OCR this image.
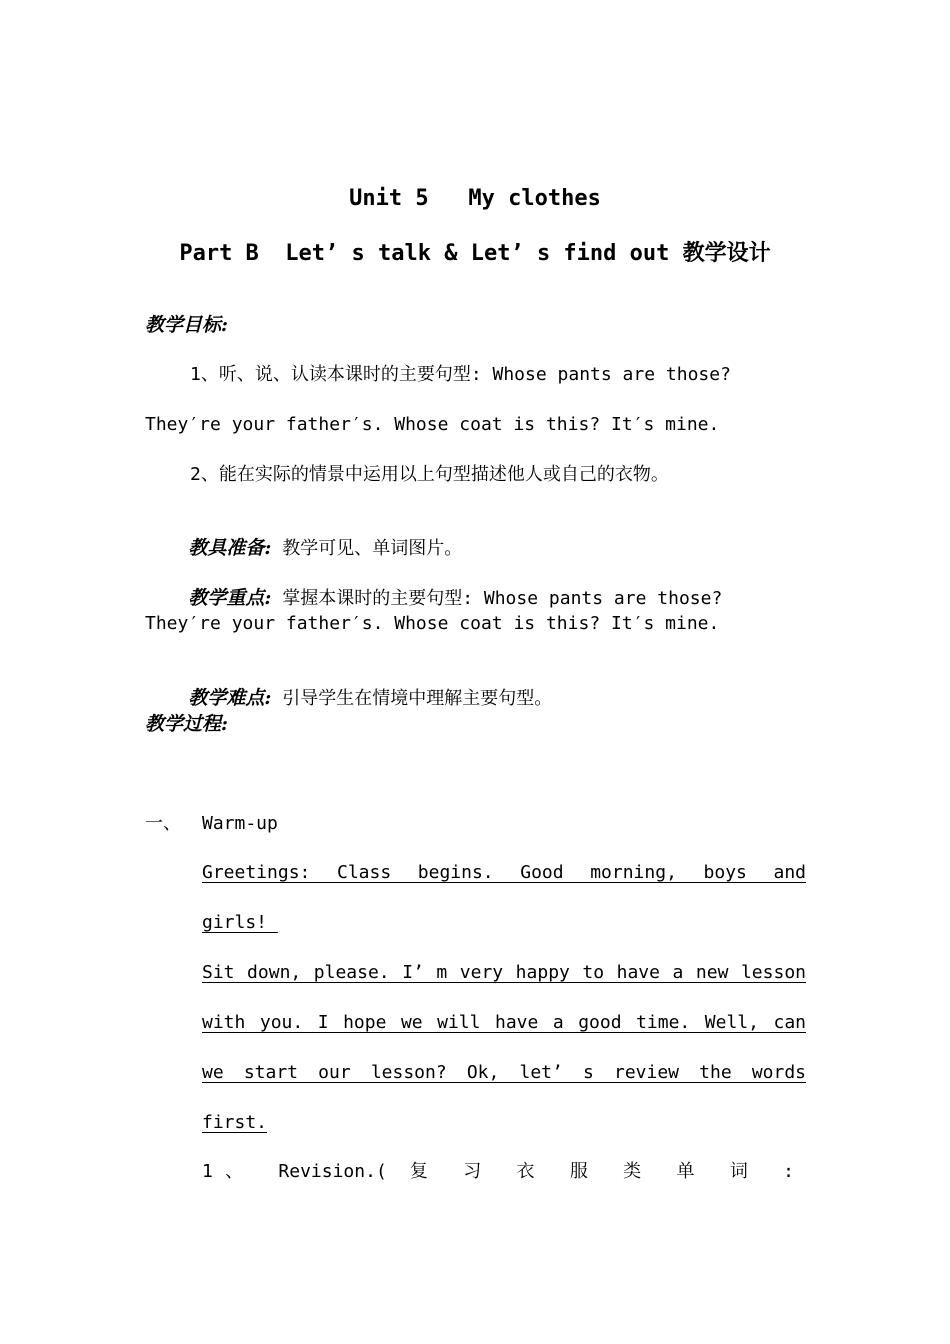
Unit 5   My clothes
Part B  Let’ s talk & Let’ s find out 教学设计
教学目标:
1、听、说、认读本课时的主要句型: Whose pants are those?
They′re your father′s. Whose coat is this? It′s mine.
2、能在实际的情景中运用以上句型描述他人或自己的衣物。

教具准备: 教学可见、单词图片。

教学重点: 掌握本课时的主要句型: Whose pants are those?

They′re your father′s. Whose coat is this? It′s mine.

教学难点: 引导学生在情境中理解主要句型。

教学过程:
一、 Warm-up
Greetings: Class begins. Good morning, boys and
girls!
Sit down, please. I’ m very happy to have a new lesson
with you. I hope we will have a good time. Well, can
we start our lesson? Ok, let’ s review the words
first.
1、 Revision.( 复 习 衣 服 类 单 词 :
